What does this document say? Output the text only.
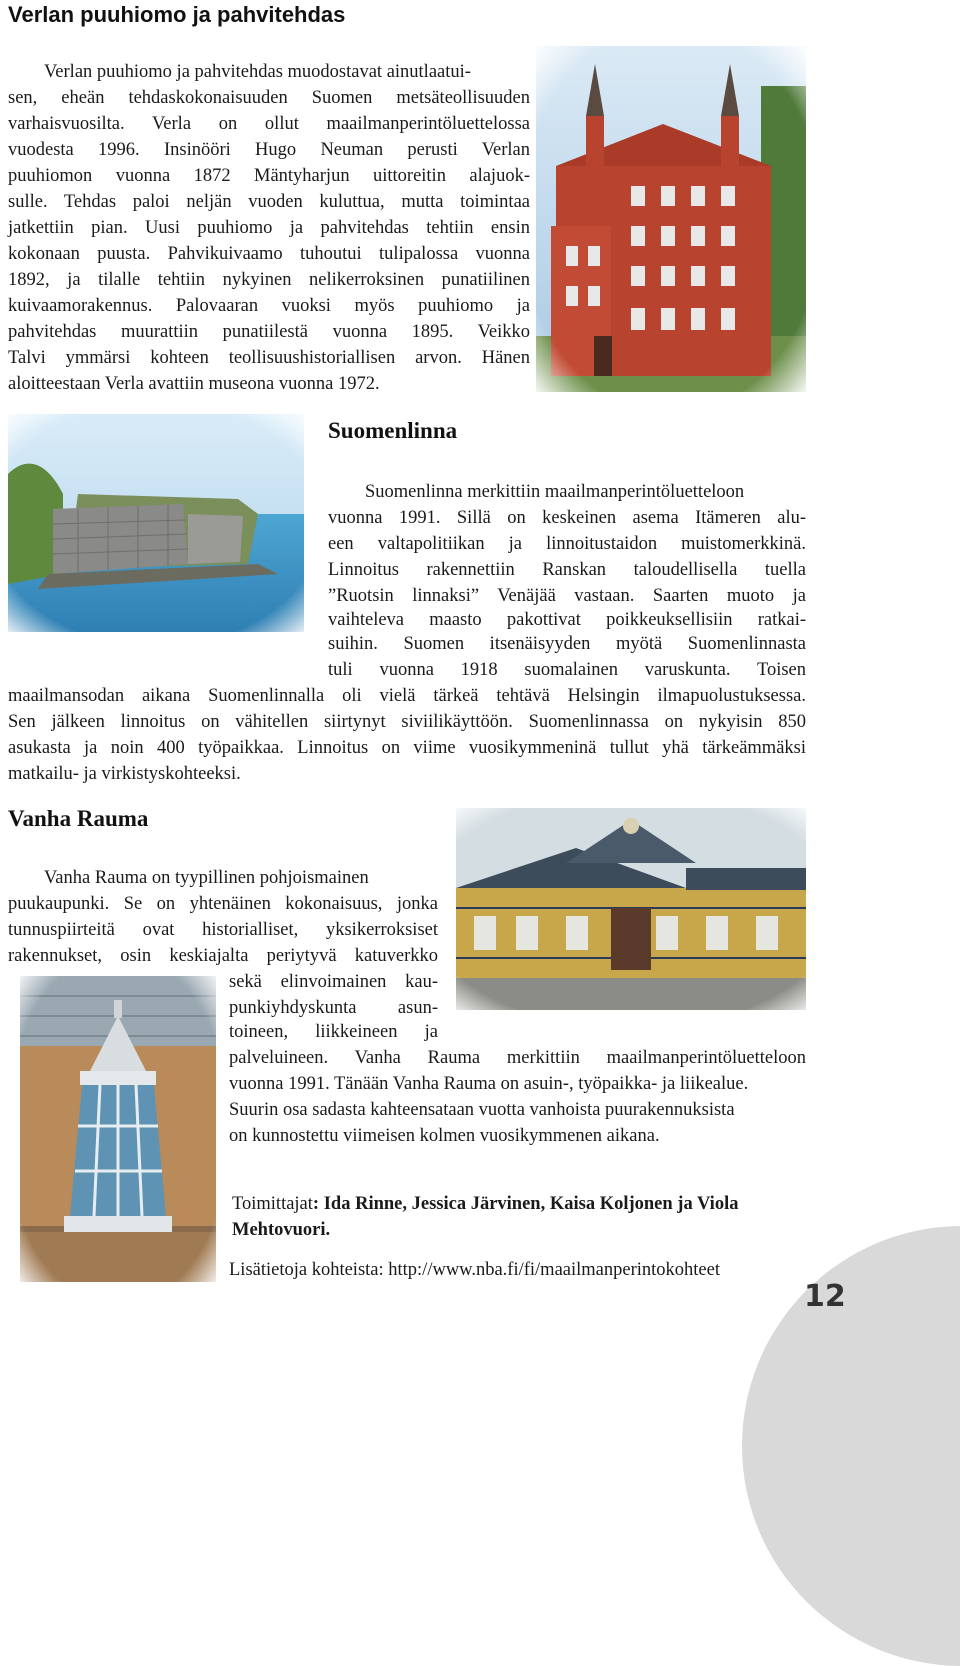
Verlan puuhiomo ja pahvitehdas
Verlan puuhiomo ja pahvitehdas muodostavat ainutlaatui-
sen, eheän tehdaskokonaisuuden Suomen metsäteollisuuden
varhaisvuosilta. Verla on ollut maailmanperintöluettelossa
vuodesta 1996. Insinööri Hugo Neuman perusti Verlan
puuhiomon vuonna 1872 Mäntyharjun uittoreitin alajuok-
sulle. Tehdas paloi neljän vuoden kuluttua, mutta toimintaa
jatkettiin pian. Uusi puuhiomo ja pahvitehdas tehtiin ensin
kokonaan puusta. Pahvikuivaamo tuhoutui tulipalossa vuonna
1892, ja tilalle tehtiin nykyinen nelikerroksinen punatiilinen
kuivaamorakennus. Palovaaran vuoksi myös puuhiomo ja
pahvitehdas muurattiin punatiilestä vuonna 1895. Veikko
Talvi ymmärsi kohteen teollisuushistoriallisen arvon. Hänen
aloitteestaan Verla avattiin museona vuonna 1972.
Suomenlinna
Suomenlinna merkittiin maailmanperintöluetteloon
vuonna 1991. Sillä on keskeinen asema Itämeren alu-
een valtapolitiikan ja linnoitustaidon muistomerkkinä.
Linnoitus rakennettiin Ranskan taloudellisella tuella
”Ruotsin linnaksi” Venäjää vastaan. Saarten muoto ja
vaihteleva maasto pakottivat poikkeuksellisiin ratkai-
suihin. Suomen itsenäisyyden myötä Suomenlinnasta
tuli vuonna 1918 suomalainen varuskunta. Toisen
maailmansodan aikana Suomenlinnalla oli vielä tärkeä tehtävä Helsingin ilmapuolustuksessa.
Sen jälkeen linnoitus on vähitellen siirtynyt siviilikäyttöön. Suomenlinnassa on nykyisin 850
asukasta ja noin 400 työpaikkaa. Linnoitus on viime vuosikymmeninä tullut yhä tärkeämmäksi
matkailu- ja virkistyskohteeksi.
Vanha Rauma
Vanha Rauma on tyypillinen pohjoismainen
puukaupunki. Se on yhtenäinen kokonaisuus, jonka
tunnuspiirteitä ovat historialliset, yksikerroksiset
rakennukset, osin keskiajalta periytyvä katuverkko
sekä elinvoimainen kau-
punkiyhdyskunta asun-
toineen, liikkeineen ja
palveluineen. Vanha Rauma merkittiin maailmanperintöluetteloon
vuonna 1991. Tänään Vanha Rauma on asuin-, työpaikka- ja liikealue.
Suurin osa sadasta kahteensataan vuotta vanhoista puurakennuksista
on kunnostettu viimeisen kolmen vuosikymmenen aikana.
Toimittajat: Ida Rinne, Jessica Järvinen, Kaisa Koljonen ja Viola
Mehtovuori.
Lisätietoja kohteista: http://www.nba.fi/fi/maailmanperintokohteet
12
